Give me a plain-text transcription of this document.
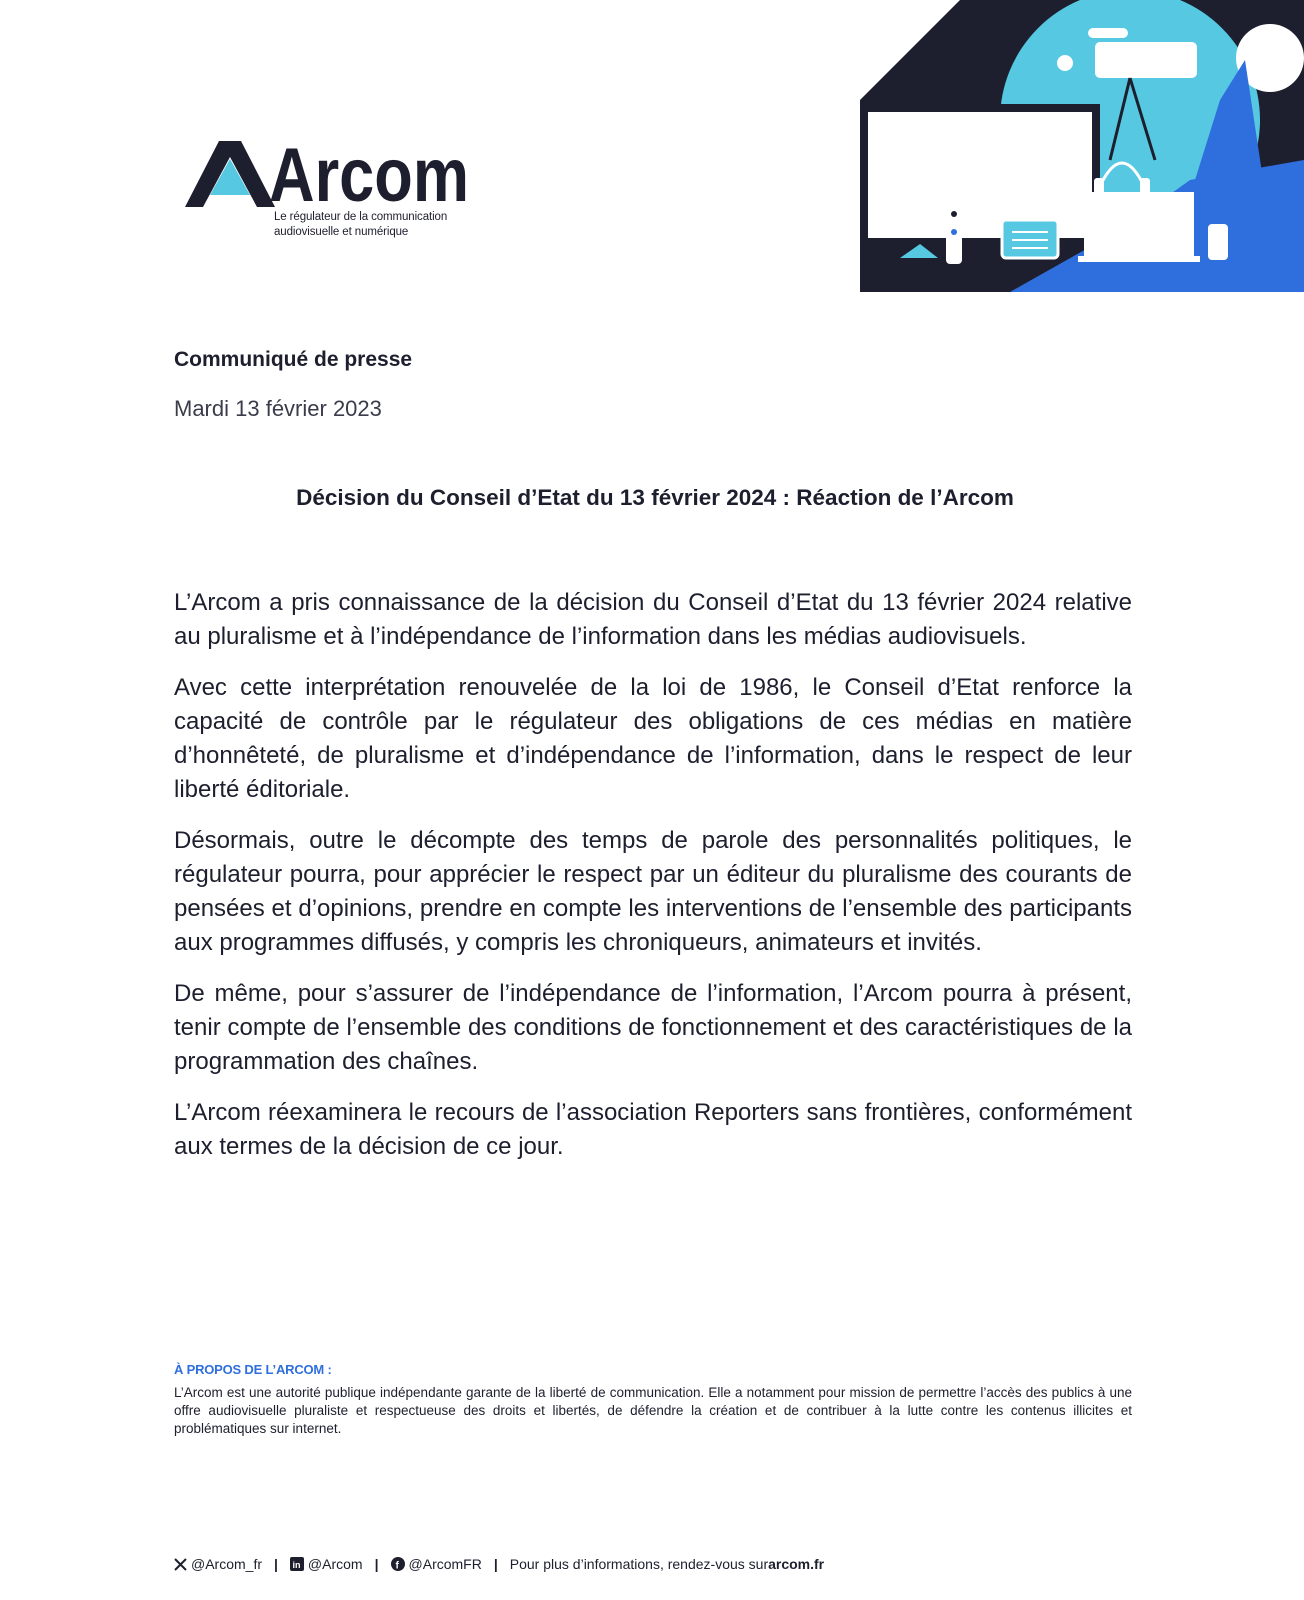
Arcom
Le régulateur de la communication
audiovisuelle et numérique
Communiqué de presse
Mardi 13 février 2023
Décision du Conseil d’Etat du 13 février 2024 : Réaction de l’Arcom

L’Arcom a pris connaissance de la décision du Conseil d’Etat du 13 février 2024 relative au pluralisme et à l’indépendance de l’information dans les médias audiovisuels.

Avec cette interprétation renouvelée de la loi de 1986, le Conseil d’Etat renforce la capacité de contrôle par le régulateur des obligations de ces médias en matière d’honnêteté, de pluralisme et d’indépendance de l’information, dans le respect de leur liberté éditoriale.

Désormais, outre le décompte des temps de parole des personnalités politiques, le régulateur pourra, pour apprécier le respect par un éditeur du pluralisme des courants de pensées et d’opinions, prendre en compte les interventions de l’ensemble des participants aux programmes diffusés, y compris les chroniqueurs, animateurs et invités.

De même, pour s’assurer de l’indépendance de l’information, l’Arcom pourra à présent, tenir compte de l’ensemble des conditions de fonctionnement et des caractéristiques de la programmation des chaînes.

L’Arcom réexaminera le recours de l’association Reporters sans frontières, conformément aux termes de la décision de ce jour.

À PROPOS DE L’ARCOM :
L’Arcom est une autorité publique indépendante garante de la liberté de communication. Elle a notamment pour mission de permettre l’accès des publics à une offre audiovisuelle pluraliste et respectueuse des droits et libertés, de défendre la création et de contribuer à la lutte contre les contenus illicites et problématiques sur internet.
@Arcom_fr | in @Arcom | f @ArcomFR | Pour plus d’informations, rendez-vous sur arcom.fr
